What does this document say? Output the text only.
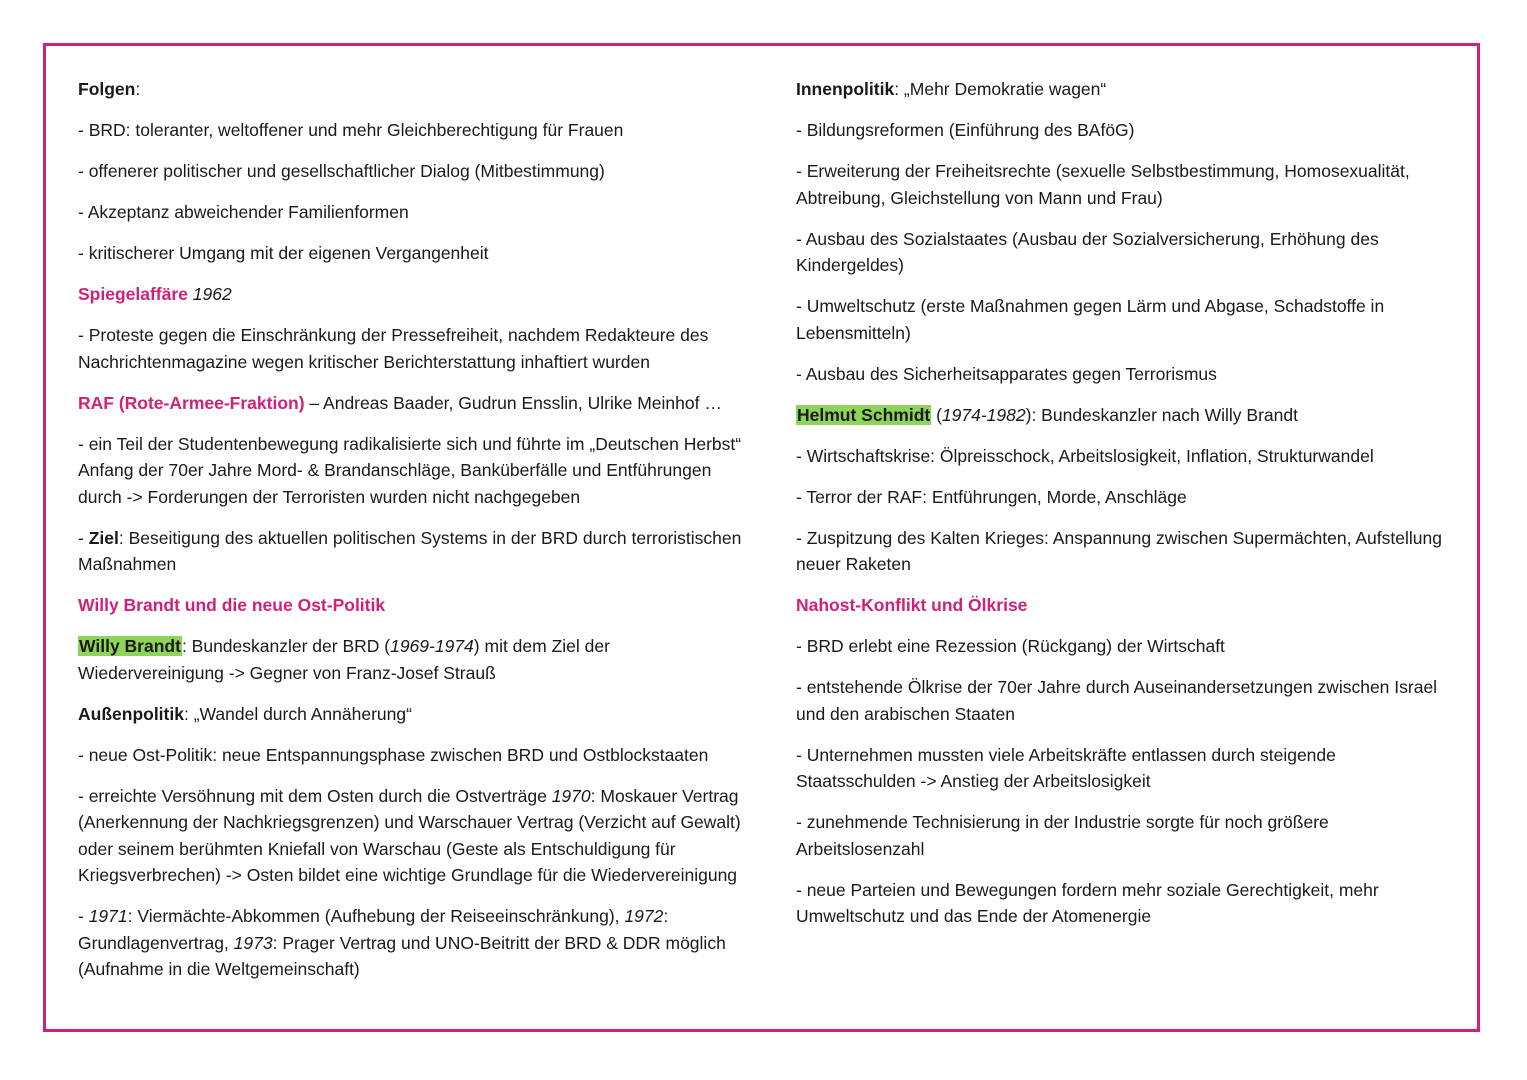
Folgen:

- BRD: toleranter, weltoffener und mehr Gleichberechtigung für Frauen

- offenerer politischer und gesellschaftlicher Dialog (Mitbestimmung)

- Akzeptanz abweichender Familienformen

- kritischerer Umgang mit der eigenen Vergangenheit

Spiegelaffäre 1962

- Proteste gegen die Einschränkung der Pressefreiheit, nachdem Redakteure des Nachrichtenmagazine wegen kritischer Berichterstattung inhaftiert wurden

RAF (Rote-Armee-Fraktion) – Andreas Baader, Gudrun Ensslin, Ulrike Meinhof …

- ein Teil der Studentenbewegung radikalisierte sich und führte im „Deutschen Herbst“ Anfang der 70er Jahre Mord- & Brandanschläge, Banküberfälle und Entführungen durch -> Forderungen der Terroristen wurden nicht nachgegeben

- Ziel: Beseitigung des aktuellen politischen Systems in der BRD durch terroristischen Maßnahmen

Willy Brandt und die neue Ost-Politik

Willy Brandt: Bundeskanzler der BRD (1969-1974) mit dem Ziel der Wiedervereinigung -> Gegner von Franz-Josef Strauß

Außenpolitik: „Wandel durch Annäherung“

- neue Ost-Politik: neue Entspannungsphase zwischen BRD und Ostblockstaaten

- erreichte Versöhnung mit dem Osten durch die Ostverträge 1970: Moskauer Vertrag (Anerkennung der Nachkriegsgrenzen) und Warschauer Vertrag (Verzicht auf Gewalt) oder seinem berühmten Kniefall von Warschau (Geste als Entschuldigung für Kriegsverbrechen) -> Osten bildet eine wichtige Grundlage für die Wiedervereinigung

- 1971: Viermächte-Abkommen (Aufhebung der Reiseeinschränkung), 1972: Grundlagenvertrag, 1973: Prager Vertrag und UNO-Beitritt der BRD & DDR möglich (Aufnahme in die Weltgemeinschaft)

Innenpolitik: „Mehr Demokratie wagen“

- Bildungsreformen (Einführung des BAföG)

- Erweiterung der Freiheitsrechte (sexuelle Selbstbestimmung, Homosexualität, Abtreibung, Gleichstellung von Mann und Frau)

- Ausbau des Sozialstaates (Ausbau der Sozialversicherung, Erhöhung des Kindergeldes)

- Umweltschutz (erste Maßnahmen gegen Lärm und Abgase, Schadstoffe in Lebensmitteln)

- Ausbau des Sicherheitsapparates gegen Terrorismus

Helmut Schmidt (1974-1982): Bundeskanzler nach Willy Brandt

- Wirtschaftskrise: Ölpreisschock, Arbeitslosigkeit, Inflation, Strukturwandel

- Terror der RAF: Entführungen, Morde, Anschläge

- Zuspitzung des Kalten Krieges: Anspannung zwischen Supermächten, Aufstellung neuer Raketen

Nahost-Konflikt und Ölkrise

- BRD erlebt eine Rezession (Rückgang) der Wirtschaft

- entstehende Ölkrise der 70er Jahre durch Auseinandersetzungen zwischen Israel und den arabischen Staaten

- Unternehmen mussten viele Arbeitskräfte entlassen durch steigende Staatsschulden -> Anstieg der Arbeitslosigkeit

- zunehmende Technisierung in der Industrie sorgte für noch größere Arbeitslosenzahl

- neue Parteien und Bewegungen fordern mehr soziale Gerechtigkeit, mehr Umweltschutz und das Ende der Atomenergie
